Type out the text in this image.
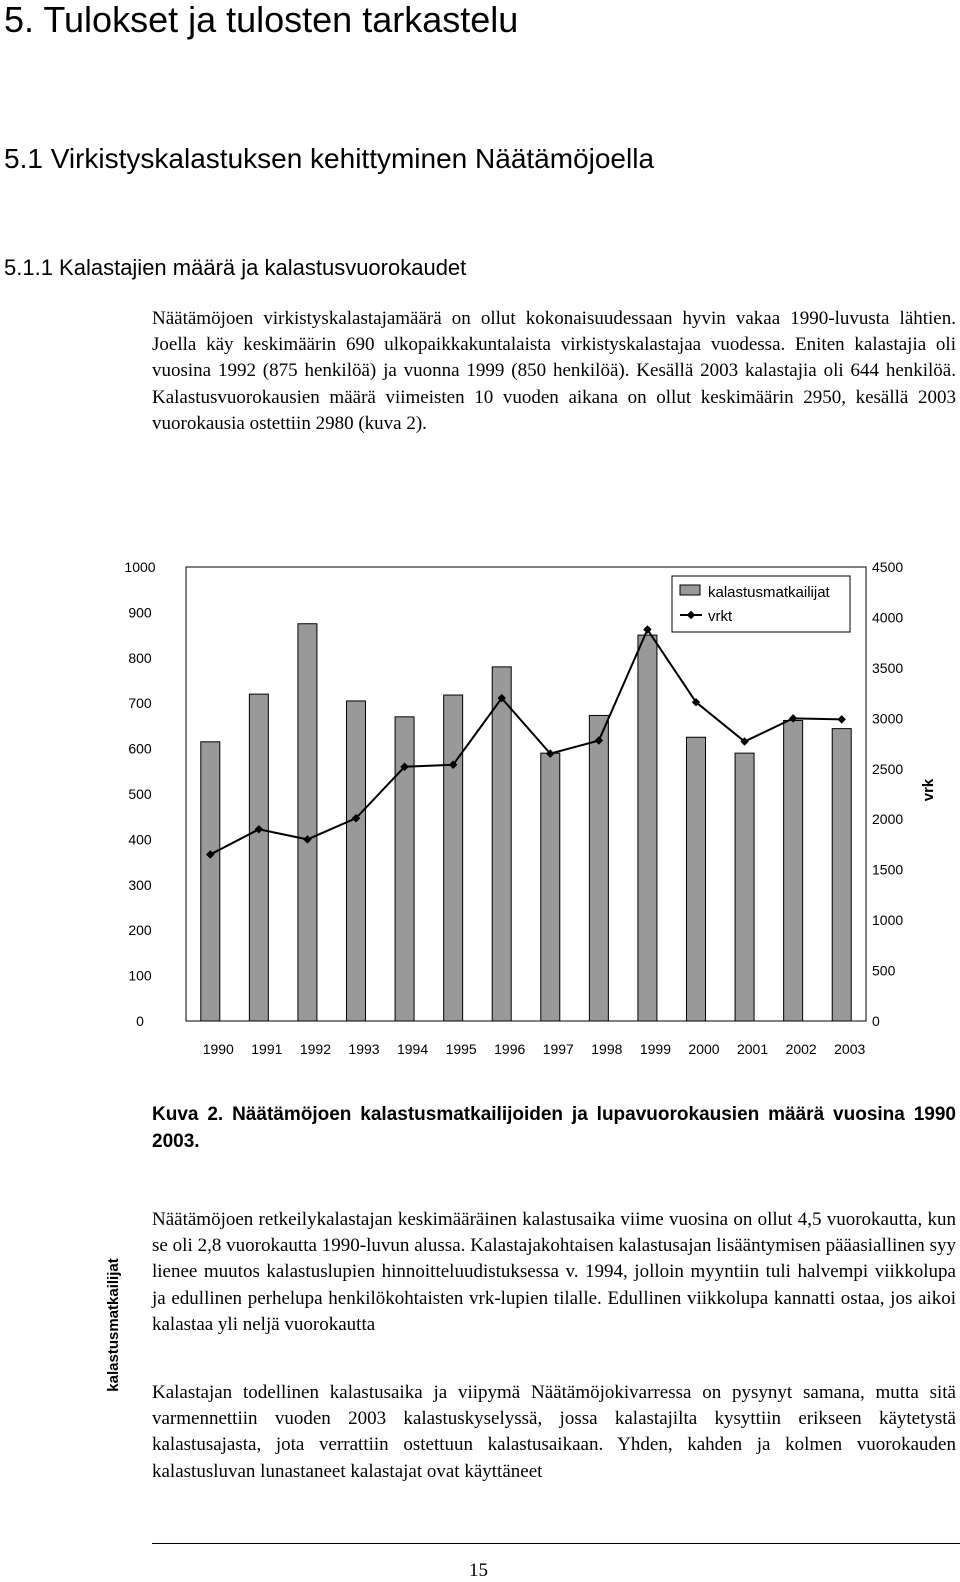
5. Tulokset ja tulosten tarkastelu
5.1 Virkistyskalastuksen kehittyminen Näätämöjoella
5.1.1 Kalastajien määrä ja kalastusvuorokaudet

Näätämöjoen virkistyskalastajamäärä on ollut kokonaisuudessaan hyvin vakaa 1990-luvusta lähtien. Joella käy keskimäärin 690 ulkopaikkakuntalaista virkistyskalastajaa vuodessa. Eniten kalastajia oli vuosina 1992 (875 henkilöä) ja vuonna 1999 (850 henkilöä). Kesällä 2003 kalastajia oli 644 henkilöä. Kalastusvuorokausien määrä viimeisten 10 vuoden aikana on ollut keskimäärin 2950, kesällä 2003 vuorokausia ostettiin 2980 (kuva 2).

0
100
200
300
400
500
600
700
800
900
1000
0
500
1000
1500
2000
2500
3000
3500
4000
4500
1990 1991 1992 1993 1994 1995 1996 1997 1998 1999 2000 2001 2002 2003
kalastusmatkailijat
vrk
kalastusmatkailijat
vrkt

Kuva 2. Näätämöjoen kalastusmatkailijoiden ja lupavuorokausien määrä vuosina 1990 2003.

Näätämöjoen retkeilykalastajan keskimääräinen kalastusaika viime vuosina on ollut 4,5 vuorokautta, kun se oli 2,8 vuorokautta 1990-luvun alussa. Kalastajakohtaisen kalastusajan lisääntymisen pääasiallinen syy lienee muutos kalastuslupien hinnoitteluudistuksessa v. 1994, jolloin myyntiin tuli halvempi viikkolupa ja edullinen perhelupa henkilökohtaisten vrk-lupien tilalle. Edullinen viikkolupa kannatti ostaa, jos aikoi kalastaa yli neljä vuorokautta

Kalastajan todellinen kalastusaika ja viipymä Näätämöjokivarressa on pysynyt samana, mutta sitä varmennettiin vuoden 2003 kalastuskyselyssä, jossa kalastajilta kysyttiin erikseen käytetystä kalastusajasta, jota verrattiin ostettuun kalastusaikaan. Yhden, kahden ja kolmen vuorokauden kalastusluvan lunastaneet kalastajat ovat käyttäneet

15
